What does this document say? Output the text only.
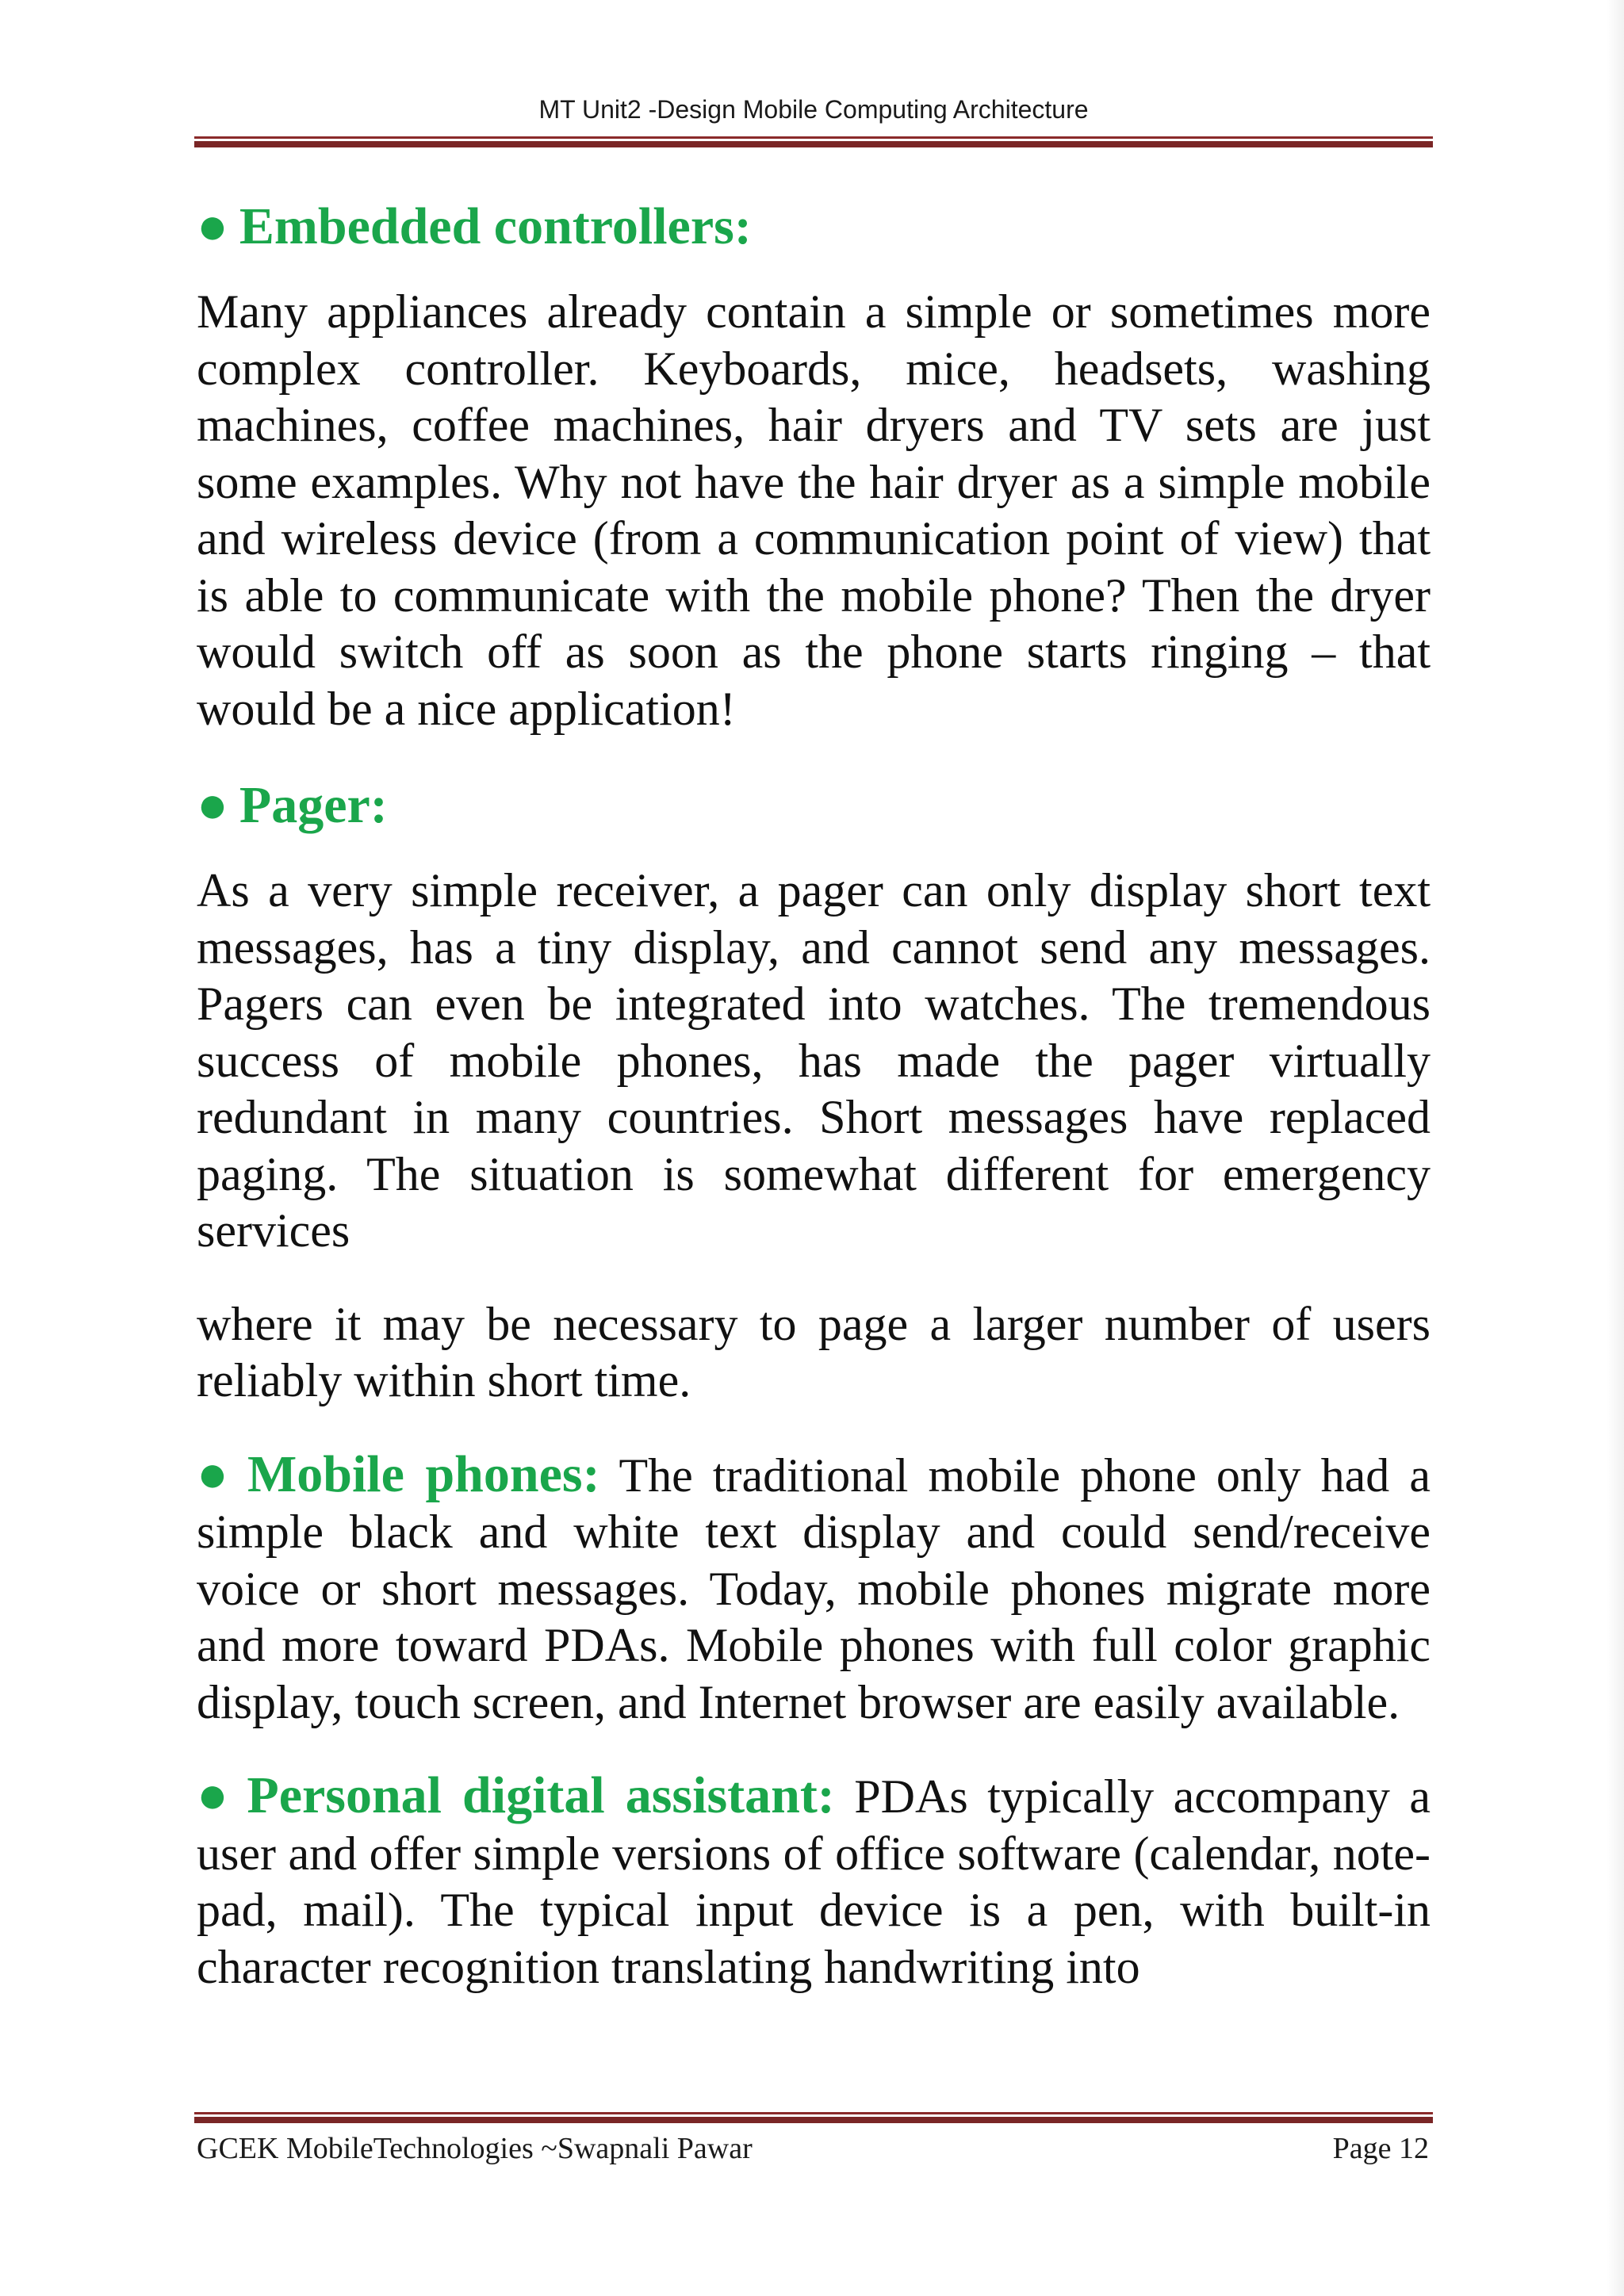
MT Unit2 -Design Mobile Computing Architecture
● Embedded controllers:

Many appliances already contain a simple or sometimes more complex controller. Keyboards, mice, headsets, washing machines, coffee machines, hair dryers and TV sets are just some examples. Why not have the hair dryer as a simple mobile and wireless device (from a communication point of view) that is able to communicate with the mobile phone? Then the dryer would switch off as soon as the phone starts ringing – that would be a nice application!

● Pager:

As a very simple receiver, a pager can only display short text messages, has a tiny display, and cannot send any messages. Pagers can even be integrated into watches. The tremendous success of mobile phones, has made the pager virtually redundant in many countries. Short messages have replaced paging. The situation is somewhat different for emergency services

where it may be necessary to page a larger number of users reliably within short time.

● Mobile phones: The traditional mobile phone only had a simple black and white text display and could send/receive voice or short messages. Today, mobile phones migrate more and more toward PDAs. Mobile phones with full color graphic display, touch screen, and Internet browser are easily available.

● Personal digital assistant: PDAs typically accompany a user and offer simple versions of office software (calendar, note-pad, mail). The typical input device is a pen, with built-in character recognition translating handwriting into

GCEK MobileTechnologies ~Swapnali Pawar	Page 12
